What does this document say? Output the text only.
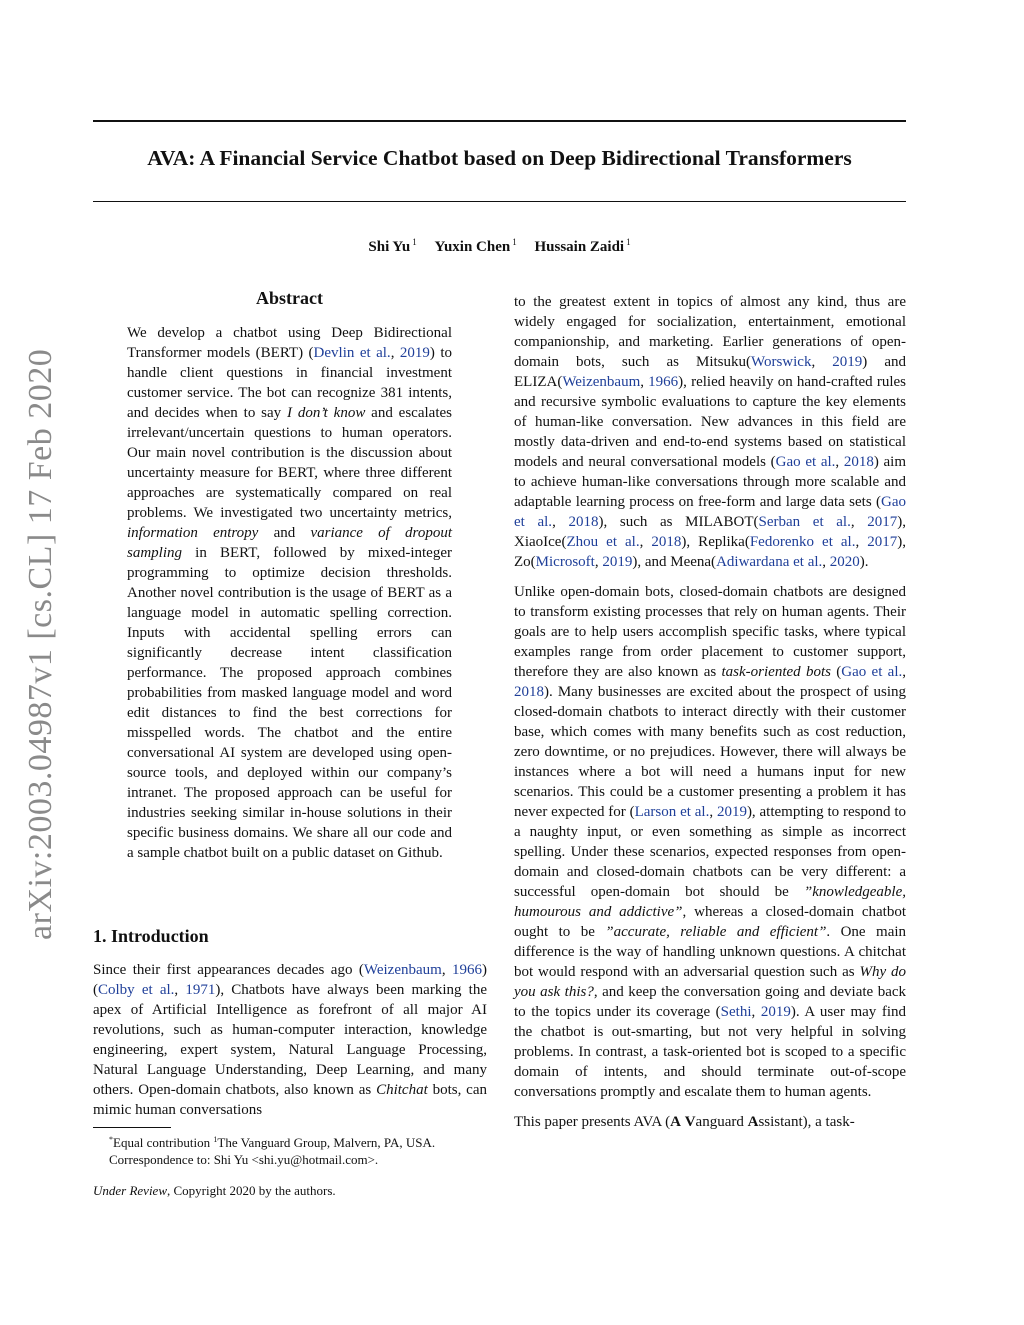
AVA: A Financial Service Chatbot based on Deep Bidirectional Transformers
Shi Yu $^1$ Yuxin Chen $^1$ Hussain Zaidi $^1$
arXiv:2003.04987v1 [cs.CL] 17 Feb 2020
Abstract

We develop a chatbot using Deep Bidirectional Transformer models (BERT) (Devlin et al., 2019) to handle client questions in financial investment customer service. The bot can recognize 381 intents, and decides when to say I don’t know and escalates irrelevant/uncertain questions to human operators. Our main novel contribution is the discussion about uncertainty measure for BERT, where three different approaches are systematically compared on real problems. We investigated two uncertainty metrics, information entropy and variance of dropout sampling in BERT, followed by mixed-integer programming to optimize decision thresholds. Another novel contribution is the usage of BERT as a language model in automatic spelling correction. Inputs with accidental spelling errors can significantly decrease intent classification performance. The proposed approach combines probabilities from masked language model and word edit distances to find the best corrections for misspelled words. The chatbot and the entire conversational AI system are developed using open-source tools, and deployed within our company’s intranet. The proposed approach can be useful for industries seeking similar in-house solutions in their specific business domains. We share all our code and a sample chatbot built on a public dataset on Github.

1. Introduction

Since their first appearances decades ago (Weizenbaum, 1966) (Colby et al., 1971), Chatbots have always been marking the apex of Artificial Intelligence as forefront of all major AI revolutions, such as human-computer interaction, knowledge engineering, expert system, Natural Language Processing, Natural Language Understanding, Deep Learning, and many others. Open-domain chatbots, also known as Chitchat bots, can mimic human conversations

to the greatest extent in topics of almost any kind, thus are widely engaged for socialization, entertainment, emotional companionship, and marketing. Earlier generations of open-domain bots, such as Mitsuku(Worswick, 2019) and ELIZA(Weizenbaum, 1966), relied heavily on hand-crafted rules and recursive symbolic evaluations to capture the key elements of human-like conversation. New advances in this field are mostly data-driven and end-to-end systems based on statistical models and neural conversational models (Gao et al., 2018) aim to achieve human-like conversations through more scalable and adaptable learning process on free-form and large data sets (Gao et al., 2018), such as MILABOT(Serban et al., 2017), XiaoIce(Zhou et al., 2018), Replika(Fedorenko et al., 2017), Zo(Microsoft, 2019), and Meena(Adiwardana et al., 2020).

Unlike open-domain bots, closed-domain chatbots are designed to transform existing processes that rely on human agents. Their goals are to help users accomplish specific tasks, where typical examples range from order placement to customer support, therefore they are also known as task-oriented bots (Gao et al., 2018). Many businesses are excited about the prospect of using closed-domain chatbots to interact directly with their customer base, which comes with many benefits such as cost reduction, zero downtime, or no prejudices. However, there will always be instances where a bot will need a humans input for new scenarios. This could be a customer presenting a problem it has never expected for (Larson et al., 2019), attempting to respond to a naughty input, or even something as simple as incorrect spelling. Under these scenarios, expected responses from open-domain and closed-domain chatbots can be very different: a successful open-domain bot should be ”knowledgeable, humourous and addictive”, whereas a closed-domain chatbot ought to be ”accurate, reliable and efficient”. One main difference is the way of handling unknown questions. A chitchat bot would respond with an adversarial question such as Why do you ask this?, and keep the conversation going and deviate back to the topics under its coverage (Sethi, 2019). A user may find the chatbot is out-smarting, but not very helpful in solving problems. In contrast, a task-oriented bot is scoped to a specific domain of intents, and should terminate out-of-scope conversations promptly and escalate them to human agents.

This paper presents AVA (A Vanguard Assistant), a task-

*Equal contribution $^1$The Vanguard Group, Malvern, PA, USA. Correspondence to: Shi Yu <shi.yu@hotmail.com>.
Under Review, Copyright 2020 by the authors.
